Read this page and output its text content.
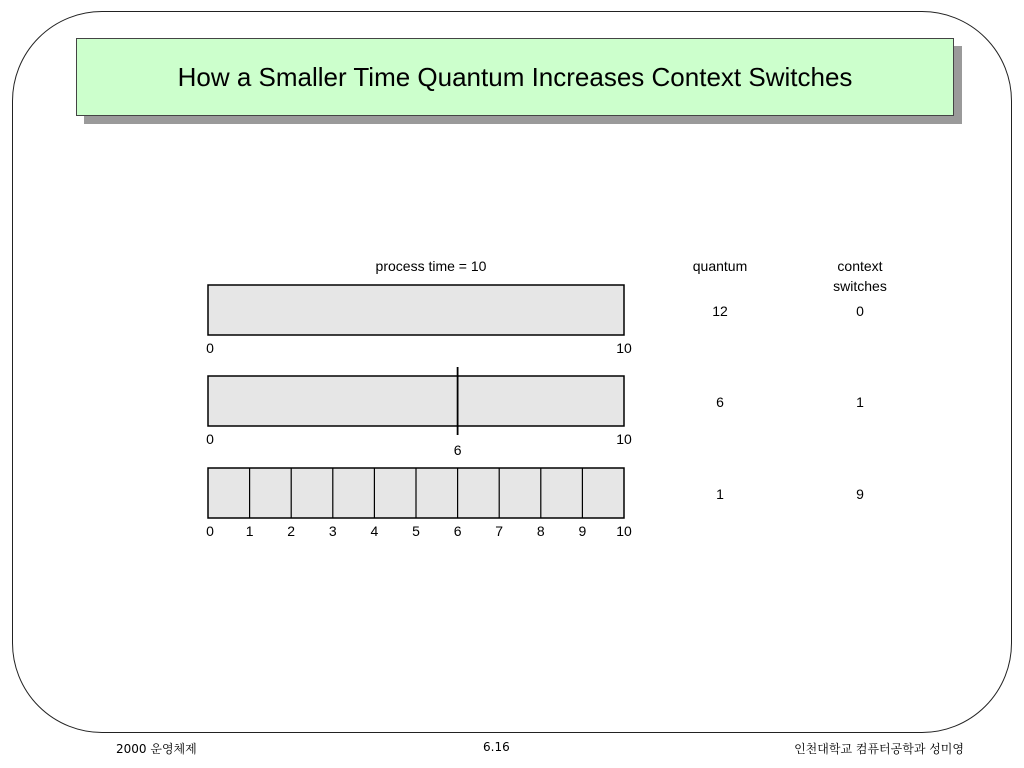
How a Smaller Time Quantum Increases Context Switches
process time = 10	quantum	context
switches
0	10
12	0
0
6
10
6	1
0 1 2 3 4 5 6 7 8 9 10
1	9
2000 운영체제	6.16	인천대학교 컴퓨터공학과 성미영
